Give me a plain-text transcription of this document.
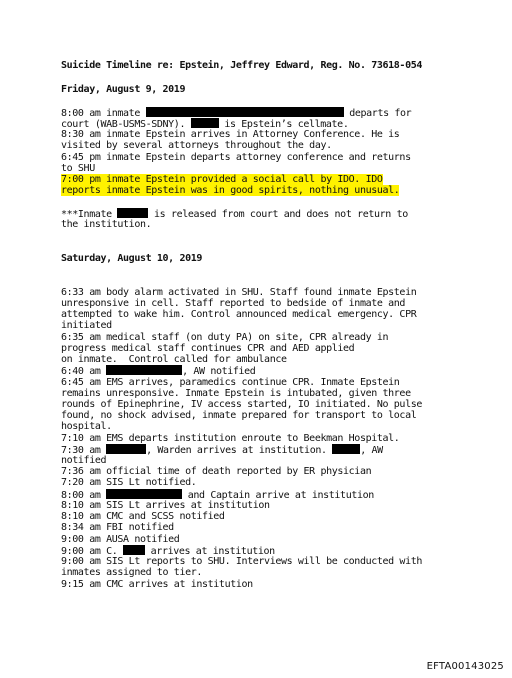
Suicide Timeline re: Epstein, Jeffrey Edward, Reg. No. 73618-054
Friday, August 9, 2019
8:00 am inmate	departs for
court (WAB-USMS-SDNY).	is Epstein’s cellmate.
8:30 am inmate Epstein arrives in Attorney Conference. He is
visited by several attorneys throughout the day.
6:45 pm inmate Epstein departs attorney conference and returns
to SHU
7:00 pm inmate Epstein provided a social call by IDO. IDO
reports inmate Epstein was in good spirits, nothing unusual.
***Inmate	is released from court and does not return to
the institution.
Saturday, August 10, 2019
6:33 am body alarm activated in SHU. Staff found inmate Epstein
unresponsive in cell. Staff reported to bedside of inmate and
attempted to wake him. Control announced medical emergency. CPR
initiated
6:35 am medical staff (on duty PA) on site, CPR already in
progress medical staff continues CPR and AED applied
on inmate.  Control called for ambulance
6:40 am	, AW notified
6:45 am EMS arrives, paramedics continue CPR. Inmate Epstein
remains unresponsive. Inmate Epstein is intubated, given three
rounds of Epinephrine, IV access started, IO initiated. No pulse
found, no shock advised, inmate prepared for transport to local
hospital.
7:10 am EMS departs institution enroute to Beekman Hospital.
7:30 am	, Warden arrives at institution.	, AW
notified
7:36 am official time of death reported by ER physician
7:20 am SIS Lt notified.
8:00 am	and Captain arrive at institution
8:10 am SIS Lt arrives at institution
8:10 am CMC and SCSS notified
8:34 am FBI notified
9:00 am AUSA notified
9:00 am C.  arrives at institution
9:00 am SIS Lt reports to SHU. Interviews will be conducted with
inmates assigned to tier.
9:15 am CMC arrives at institution
EFTA00143025
